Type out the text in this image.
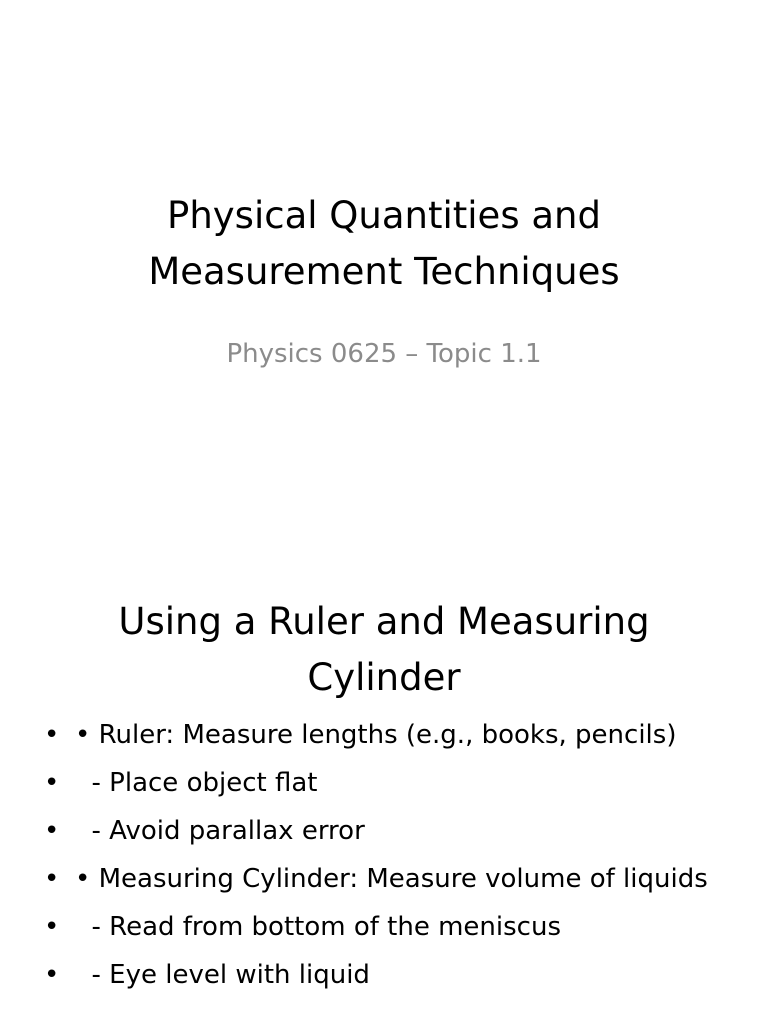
Physical Quantities and
Measurement Techniques
Physics 0625 – Topic 1.1
Using a Ruler and Measuring
Cylinder
• • Ruler: Measure lengths (e.g., books, pencils)
• - Place object flat
• - Avoid parallax error
• • Measuring Cylinder: Measure volume of liquids
• - Read from bottom of the meniscus
• - Eye level with liquid
